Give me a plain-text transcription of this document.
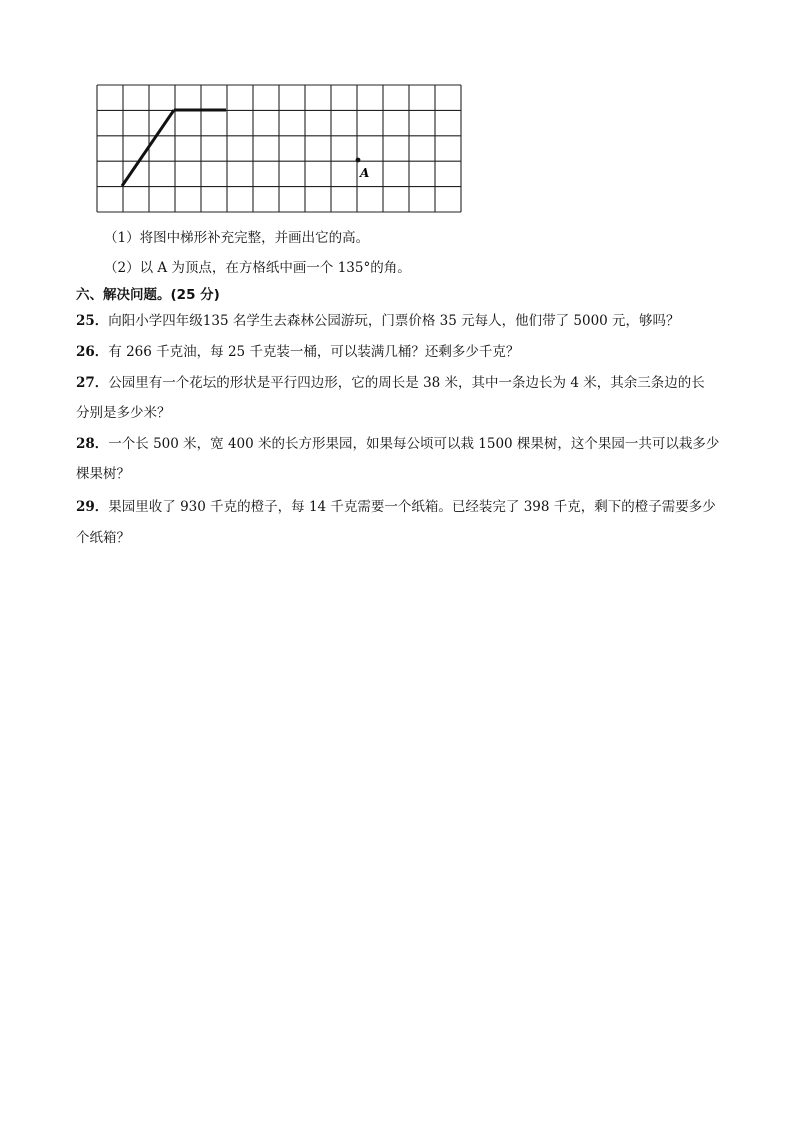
A
（1）将图中梯形补充完整，并画出它的高。
（2）以 A 为顶点，在方格纸中画一个 135°的角。
六、解决问题。(25 分)
25．向阳小学四年级135 名学生去森林公园游玩，门票价格 35 元每人，他们带了 5000 元，够吗？
26．有 266 千克油，每 25 千克装一桶，可以装满几桶？还剩多少千克？
27．公园里有一个花坛的形状是平行四边形，它的周长是 38 米，其中一条边长为 4 米，其余三条边的长
分别是多少米？
28．一个长 500 米，宽 400 米的长方形果园，如果每公顷可以栽 1500 棵果树，这个果园一共可以栽多少
棵果树？
29．果园里收了 930 千克的橙子，每 14 千克需要一个纸箱。已经装完了 398 千克，剩下的橙子需要多少
个纸箱？
